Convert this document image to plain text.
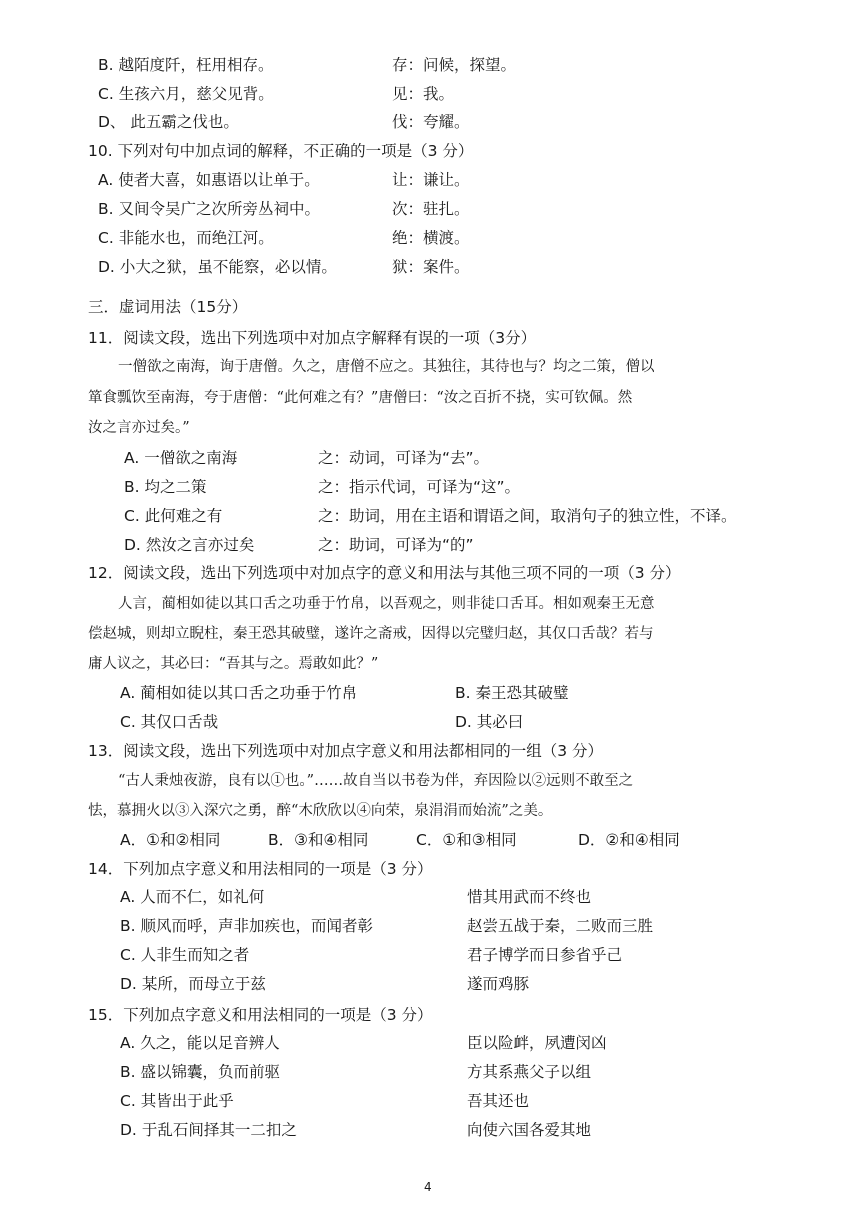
B. 越陌度阡，枉用相存。	存：问候，探望。
C. 生孩六月，慈父见背。	见：我。
D、 此五霸之伐也。	伐：夸耀。
10. 下列对句中加点词的解释，不正确的一项是（3 分）
A. 使者大喜，如惠语以让单于。	让：谦让。
B. 又间令吴广之次所旁丛祠中。	次：驻扎。
C. 非能水也，而绝江河。	绝：横渡。
D. 小大之狱，虽不能察，必以情。	狱：案件。
三．虚词用法（15分）
11．阅读文段，选出下列选项中对加点字解释有误的一项（3分）
一僧欲之南海，询于唐僧。久之，唐僧不应之。其独往，其待也与？均之二策，僧以
箪食瓢饮至南海，夸于唐僧：“此何难之有？”唐僧曰：“汝之百折不挠，实可钦佩。然
汝之言亦过矣。”
A. 一僧欲之南海	之：动词，可译为“去”。
B. 均之二策	之：指示代词，可译为“这”。
C. 此何难之有	之：助词，用在主语和谓语之间，取消句子的独立性，不译。
D. 然汝之言亦过矣	之：助词，可译为“的”
12．阅读文段，选出下列选项中对加点字的意义和用法与其他三项不同的一项（3 分）
人言，蔺相如徒以其口舌之功垂于竹帛，以吾观之，则非徒口舌耳。相如观秦王无意
偿赵城，则却立睨柱，秦王恐其破璧，遂许之斋戒，因得以完璧归赵，其仅口舌哉？若与
庸人议之，其必曰：“吾其与之。焉敢如此？”
A. 蔺相如徒以其口舌之功垂于竹帛	B. 秦王恐其破璧
C. 其仅口舌哉	D. 其必曰
13．阅读文段，选出下列选项中对加点字意义和用法都相同的一组（3 分）
“古人秉烛夜游，良有以①也。”……故自当以书卷为伴，弃因险以②远则不敢至之
怯，慕拥火以③入深穴之勇，醉“木欣欣以④向荣，泉涓涓而始流”之美。
A．①和②相同	B．③和④相同	C．①和③相同	D．②和④相同
14．下列加点字意义和用法相同的一项是（3 分）
A. 人而不仁，如礼何	惜其用武而不终也
B. 顺风而呼，声非加疾也，而闻者彰	赵尝五战于秦，二败而三胜
C. 人非生而知之者	君子博学而日参省乎己
D. 某所，而母立于兹	遂而鸡豚
15．下列加点字意义和用法相同的一项是（3 分）
A. 久之，能以足音辨人	臣以险衅，夙遭闵凶
B. 盛以锦囊，负而前驱	方其系燕父子以组
C. 其皆出于此乎	吾其还也
D. 于乱石间择其一二扣之	向使六国各爱其地
4
